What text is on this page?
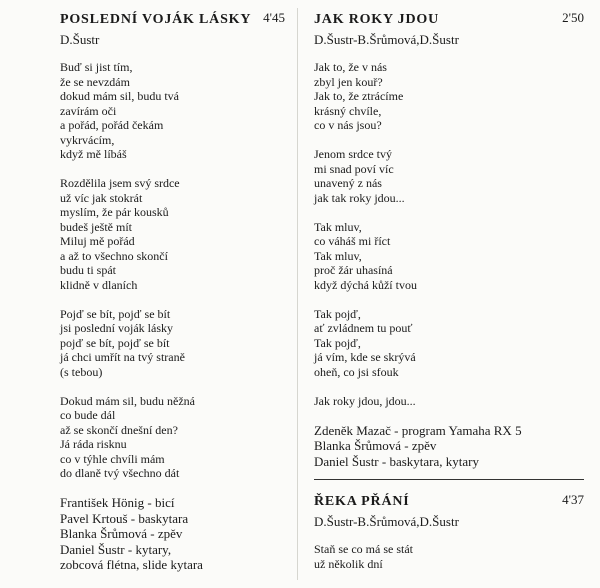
POSLEDNÍ VOJÁK LÁSKY 4'45
D.Šustr
Buď si jist tím,
že se nevzdám
dokud mám sil, budu tvá
zavírám oči
a pořád, pořád čekám
vykrvácím,
když mě líbáš
Rozdělila jsem svý srdce
už víc jak stokrát
myslím, že pár kousků
budeš ještě mít
Miluj mě pořád
a až to všechno skončí
budu ti spát
klidně v dlaních
Pojď se bít, pojď se bít
jsi poslední voják lásky
pojď se bít, pojď se bít
já chci umřít na tvý straně
(s tebou)
Dokud mám sil, budu něžná
co bude dál
až se skončí dnešní den?
Já ráda risknu
co v týhle chvíli mám
do dlaně tvý všechno dát
František Hönig - bicí
Pavel Krtouš - baskytara
Blanka Šrůmová - zpěv
Daniel Šustr - kytary,
zobcová flétna, slide kytara
JAK ROKY JDOU	2'50
D.Šustr-B.Šrůmová,D.Šustr
Jak to, že v nás
zbyl jen kouř?
Jak to, že ztrácíme
krásný chvíle,
co v nás jsou?
Jenom srdce tvý
mi snad poví víc
unavený z nás
jak tak roky jdou...
Tak mluv,
co váháš mi říct
Tak mluv,
proč žár uhasíná
když dýchá kůží tvou
Tak pojď,
ať zvládnem tu pouť
Tak pojď,
já vím, kde se skrývá
oheň, co jsi sfouk
Jak roky jdou, jdou...
Zdeněk Mazač - program Yamaha RX 5
Blanka Šrůmová - zpěv
Daniel Šustr - baskytara, kytary
ŘEKA PŘÁNÍ	4'37
D.Šustr-B.Šrůmová,D.Šustr
Staň se co má se stát
už několik dní
